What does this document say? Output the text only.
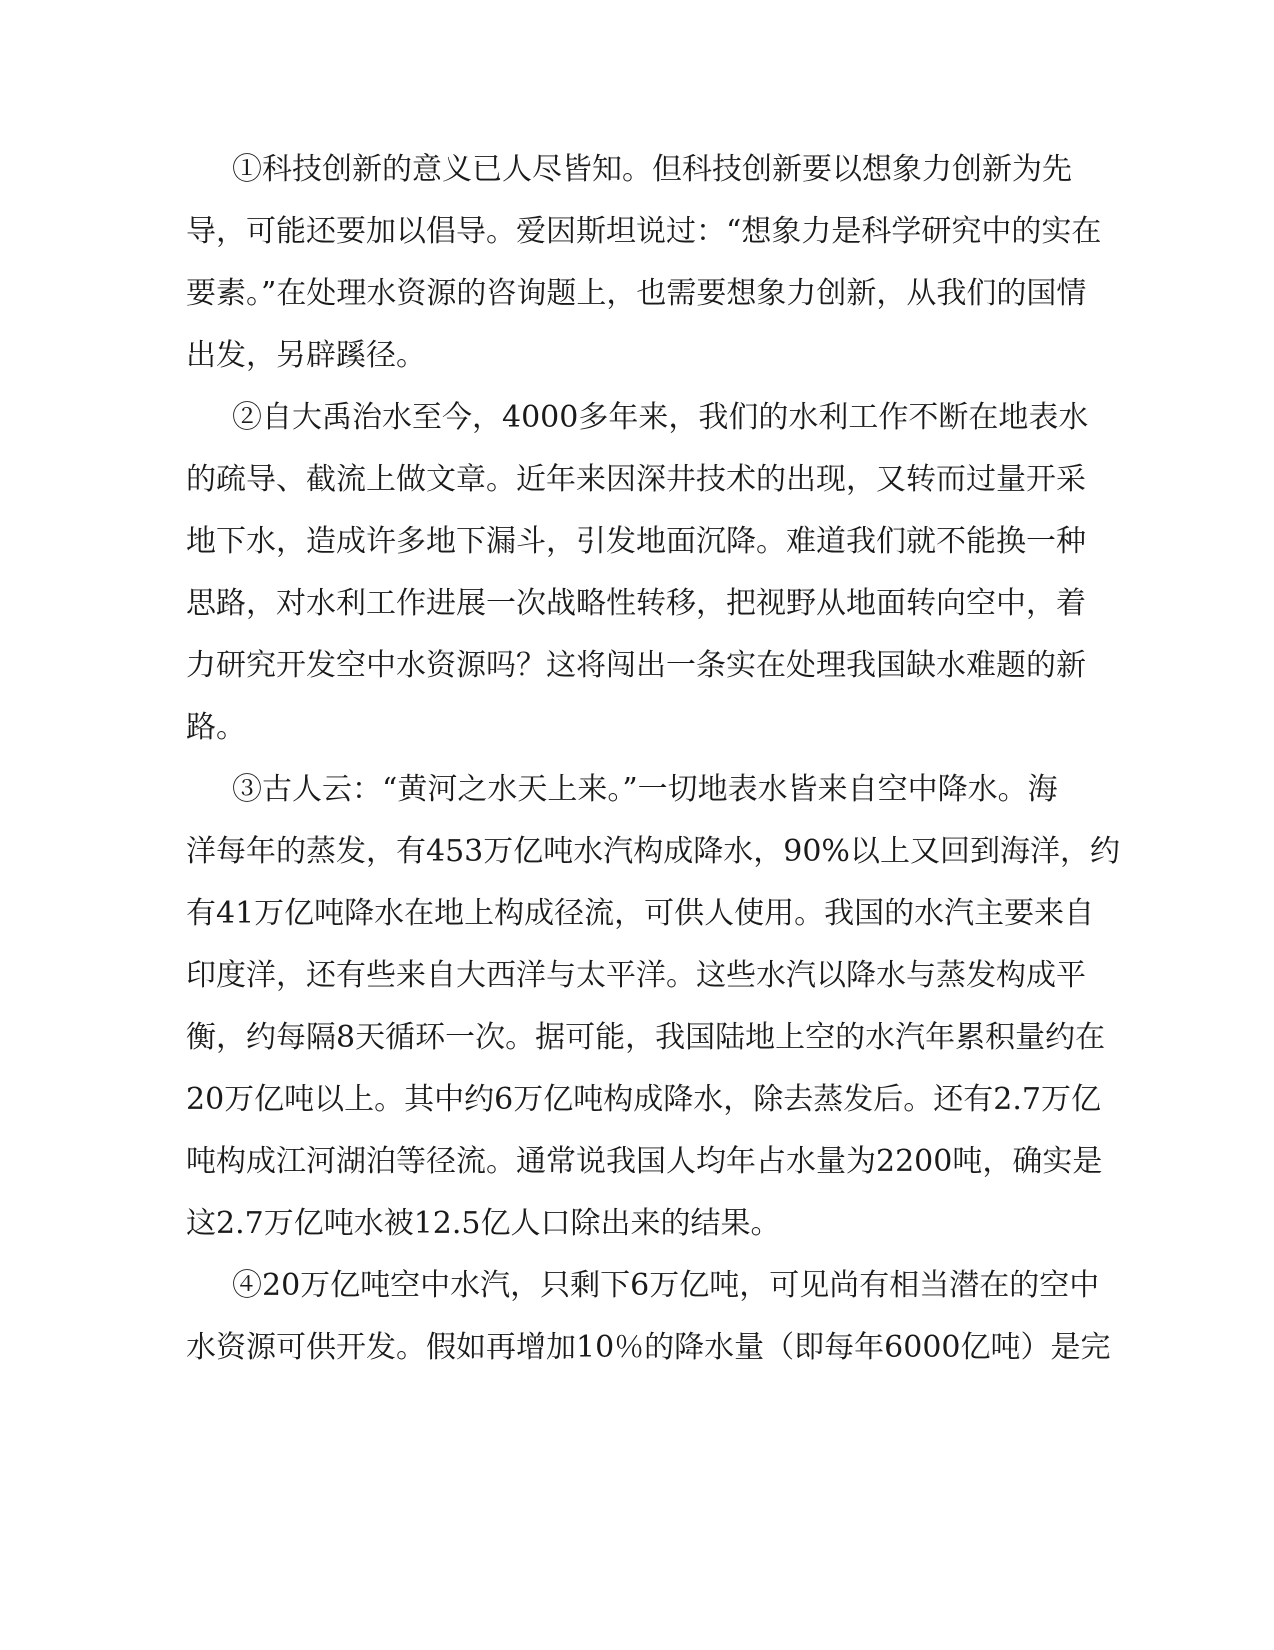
①科技创新的意义已人尽皆知。但科技创新要以想象力创新为先
导，可能还要加以倡导。爱因斯坦说过：“想象力是科学研究中的实在
要素。”在处理水资源的咨询题上，也需要想象力创新，从我们的国情
出发，另辟蹊径。
②自大禹治水至今，4000多年来，我们的水利工作不断在地表水
的疏导、截流上做文章。近年来因深井技术的出现，又转而过量开采
地下水，造成许多地下漏斗，引发地面沉降。难道我们就不能换一种
思路，对水利工作进展一次战略性转移，把视野从地面转向空中，着
力研究开发空中水资源吗？这将闯出一条实在处理我国缺水难题的新
路。
③古人云：“黄河之水天上来。”一切地表水皆来自空中降水。海
洋每年的蒸发，有453万亿吨水汽构成降水，90%以上又回到海洋，约
有41万亿吨降水在地上构成径流，可供人使用。我国的水汽主要来自
印度洋，还有些来自大西洋与太平洋。这些水汽以降水与蒸发构成平
衡，约每隔8天循环一次。据可能，我国陆地上空的水汽年累积量约在
20万亿吨以上。其中约6万亿吨构成降水，除去蒸发后。还有2.7万亿
吨构成江河湖泊等径流。通常说我国人均年占水量为2200吨，确实是
这2.7万亿吨水被12.5亿人口除出来的结果。
④20万亿吨空中水汽，只剩下6万亿吨，可见尚有相当潜在的空中
水资源可供开发。假如再增加10％的降水量（即每年6000亿吨）是完
